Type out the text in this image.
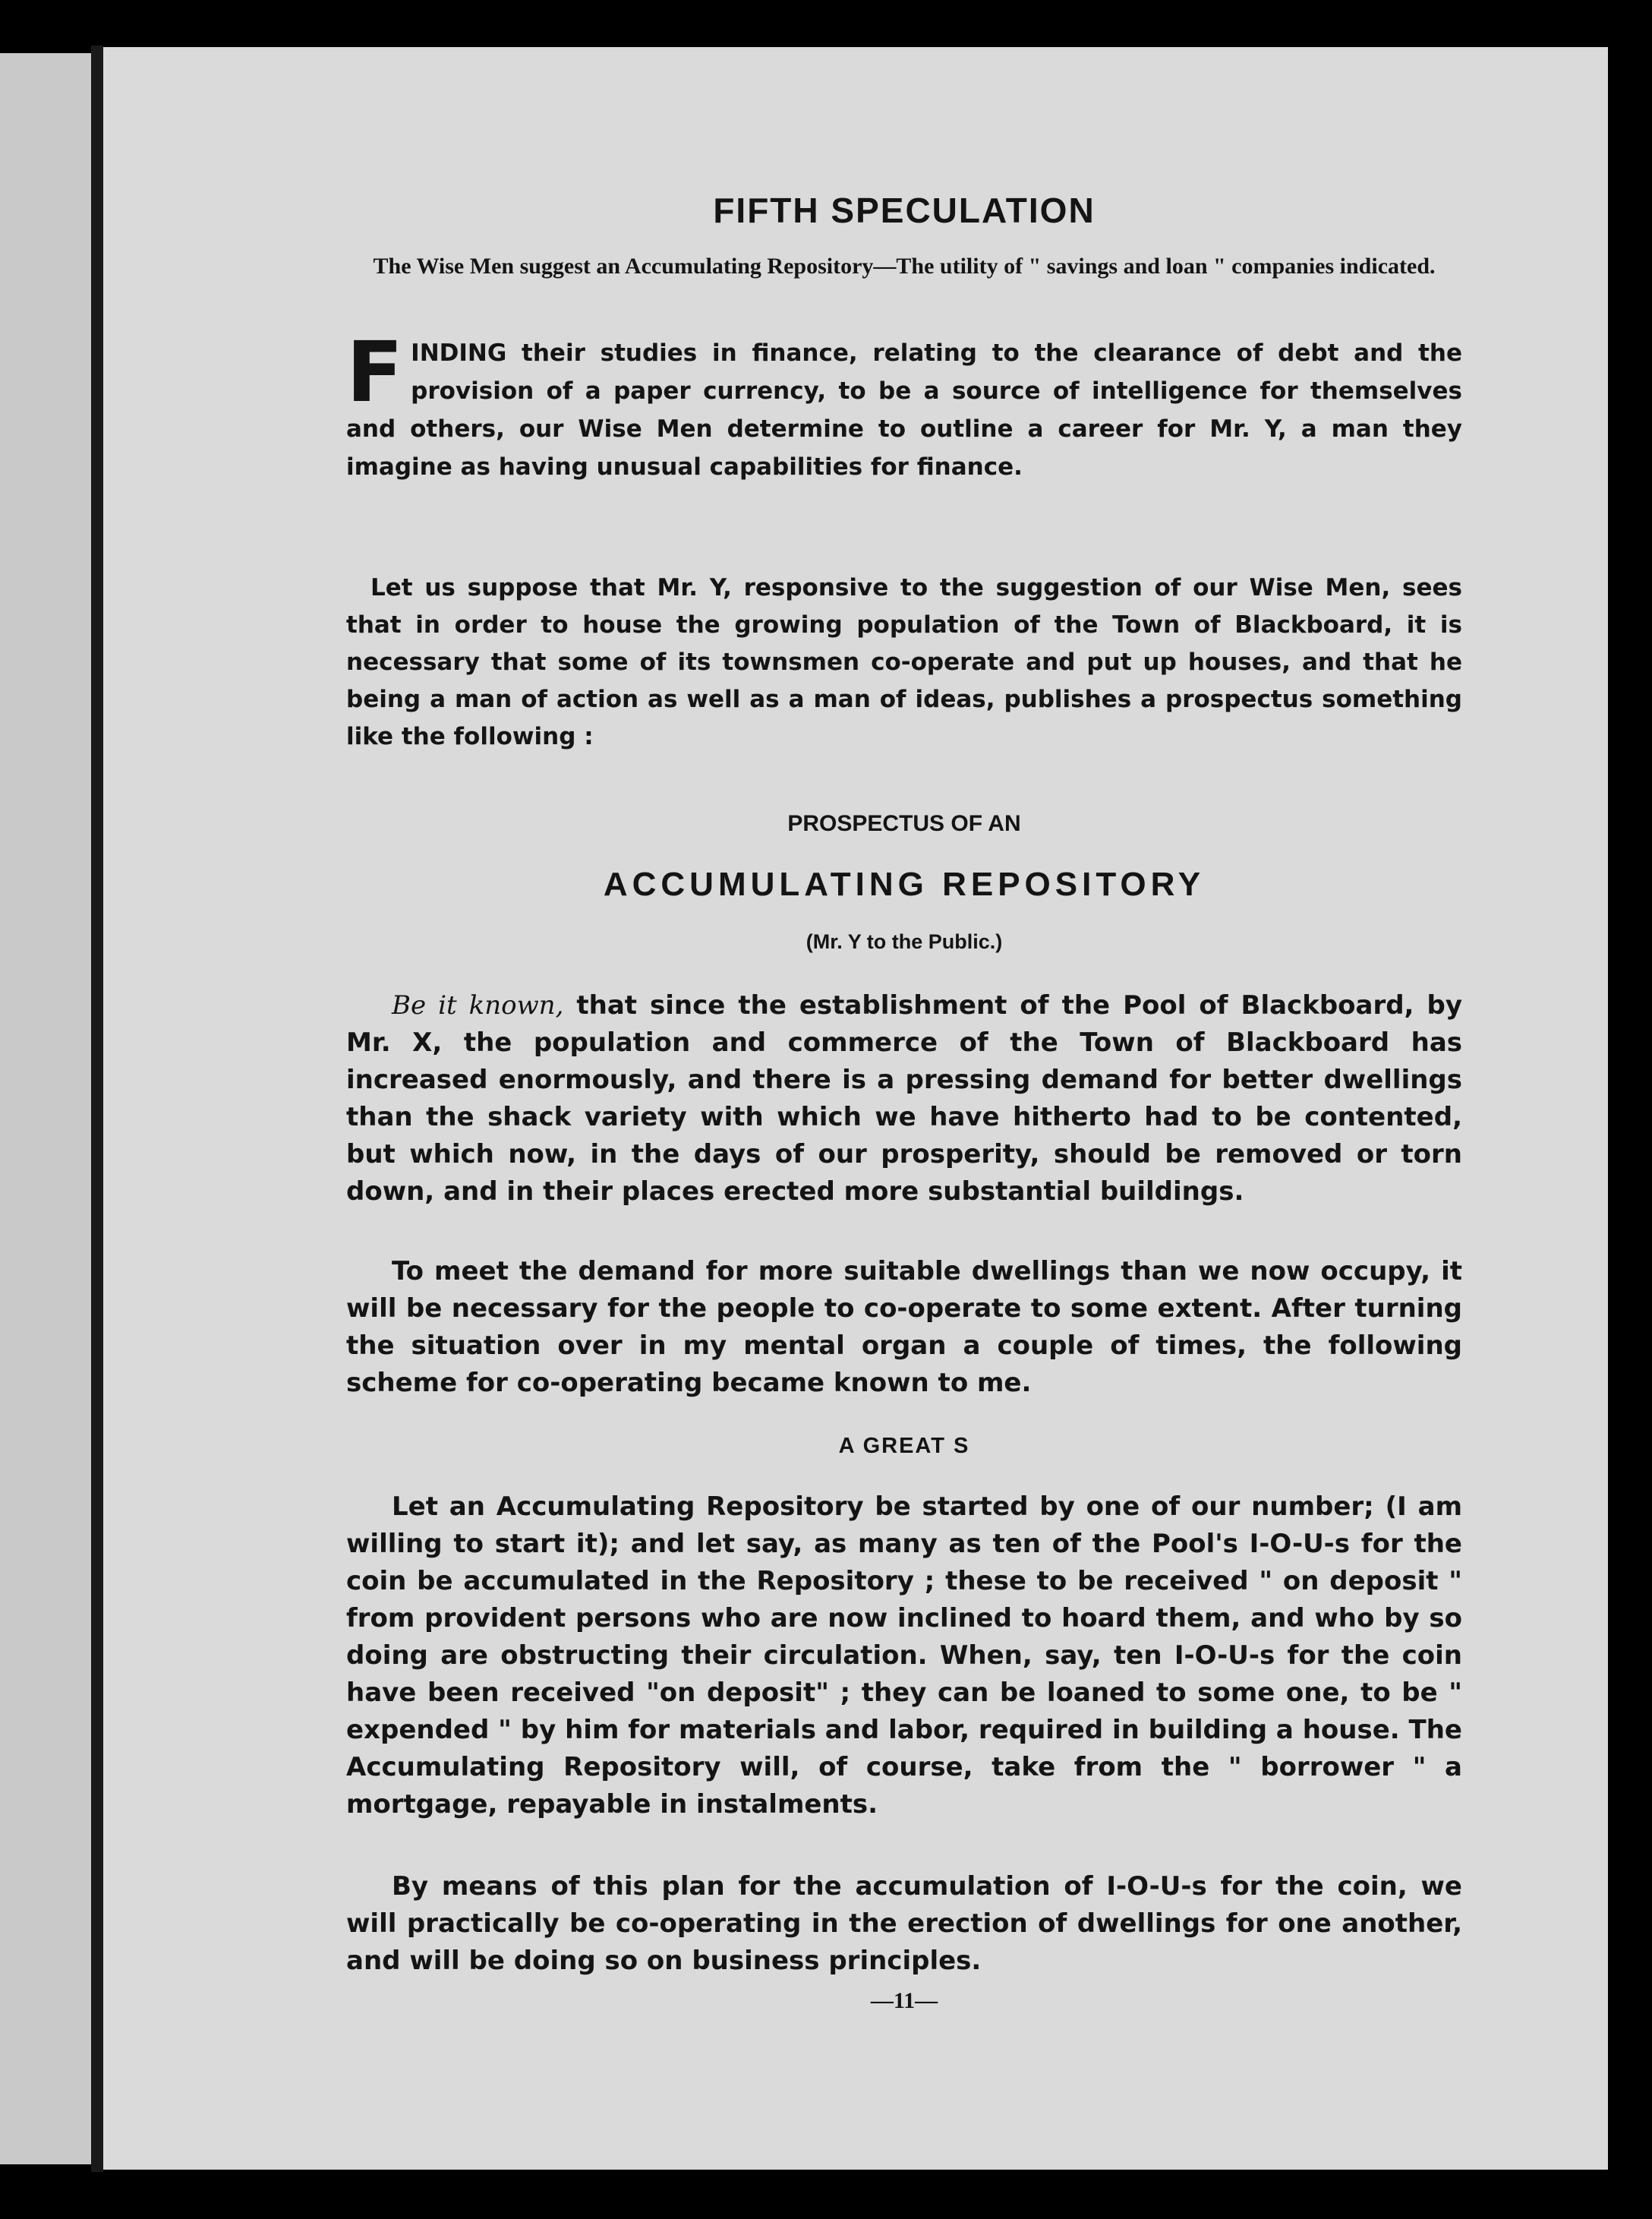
FIFTH SPECULATION
The Wise Men suggest an Accumulating Repository—The utility of " savings and loan " companies indicated.
F INDING their studies in finance, relating to the clearance of debt and the provision of a paper currency, to be a source of intelligence for themselves and others, our Wise Men determine to outline a career for Mr. Y, a man they imagine as having unusual capabilities for finance.
Let us suppose that Mr. Y, responsive to the suggestion of our Wise Men, sees that in order to house the growing population of the Town of Blackboard, it is necessary that some of its townsmen co-operate and put up houses, and that he being a man of action as well as a man of ideas, publishes a prospectus something like the following :
PROSPECTUS OF AN
ACCUMULATING REPOSITORY
(Mr. Y to the Public.)
Be it known, that since the establishment of the Pool of Blackboard, by Mr. X, the population and commerce of the Town of Blackboard has increased enormously, and there is a pressing demand for better dwellings than the shack variety with which we have hitherto had to be contented, but which now, in the days of our prosperity, should be removed or torn down, and in their places erected more substantial buildings.
To meet the demand for more suitable dwellings than we now occupy, it will be necessary for the people to co-operate to some extent. After turning the situation over in my mental organ a couple of times, the following scheme for co-operating became known to me.
A GREAT S
Let an Accumulating Repository be started by one of our number; (I am willing to start it); and let say, as many as ten of the Pool's I-O-U-s for the coin be accumulated in the Repository ; these to be received " on deposit " from provident persons who are now inclined to hoard them, and who by so doing are obstructing their circulation. When, say, ten I-O-U-s for the coin have been received "on deposit" ; they can be loaned to some one, to be " expended " by him for materials and labor, required in building a house. The Accumulating Repository will, of course, take from the " borrower " a mortgage, repayable in instalments.
By means of this plan for the accumulation of I-O-U-s for the coin, we will practically be co-operating in the erection of dwellings for one another, and will be doing so on business principles.
—11—
